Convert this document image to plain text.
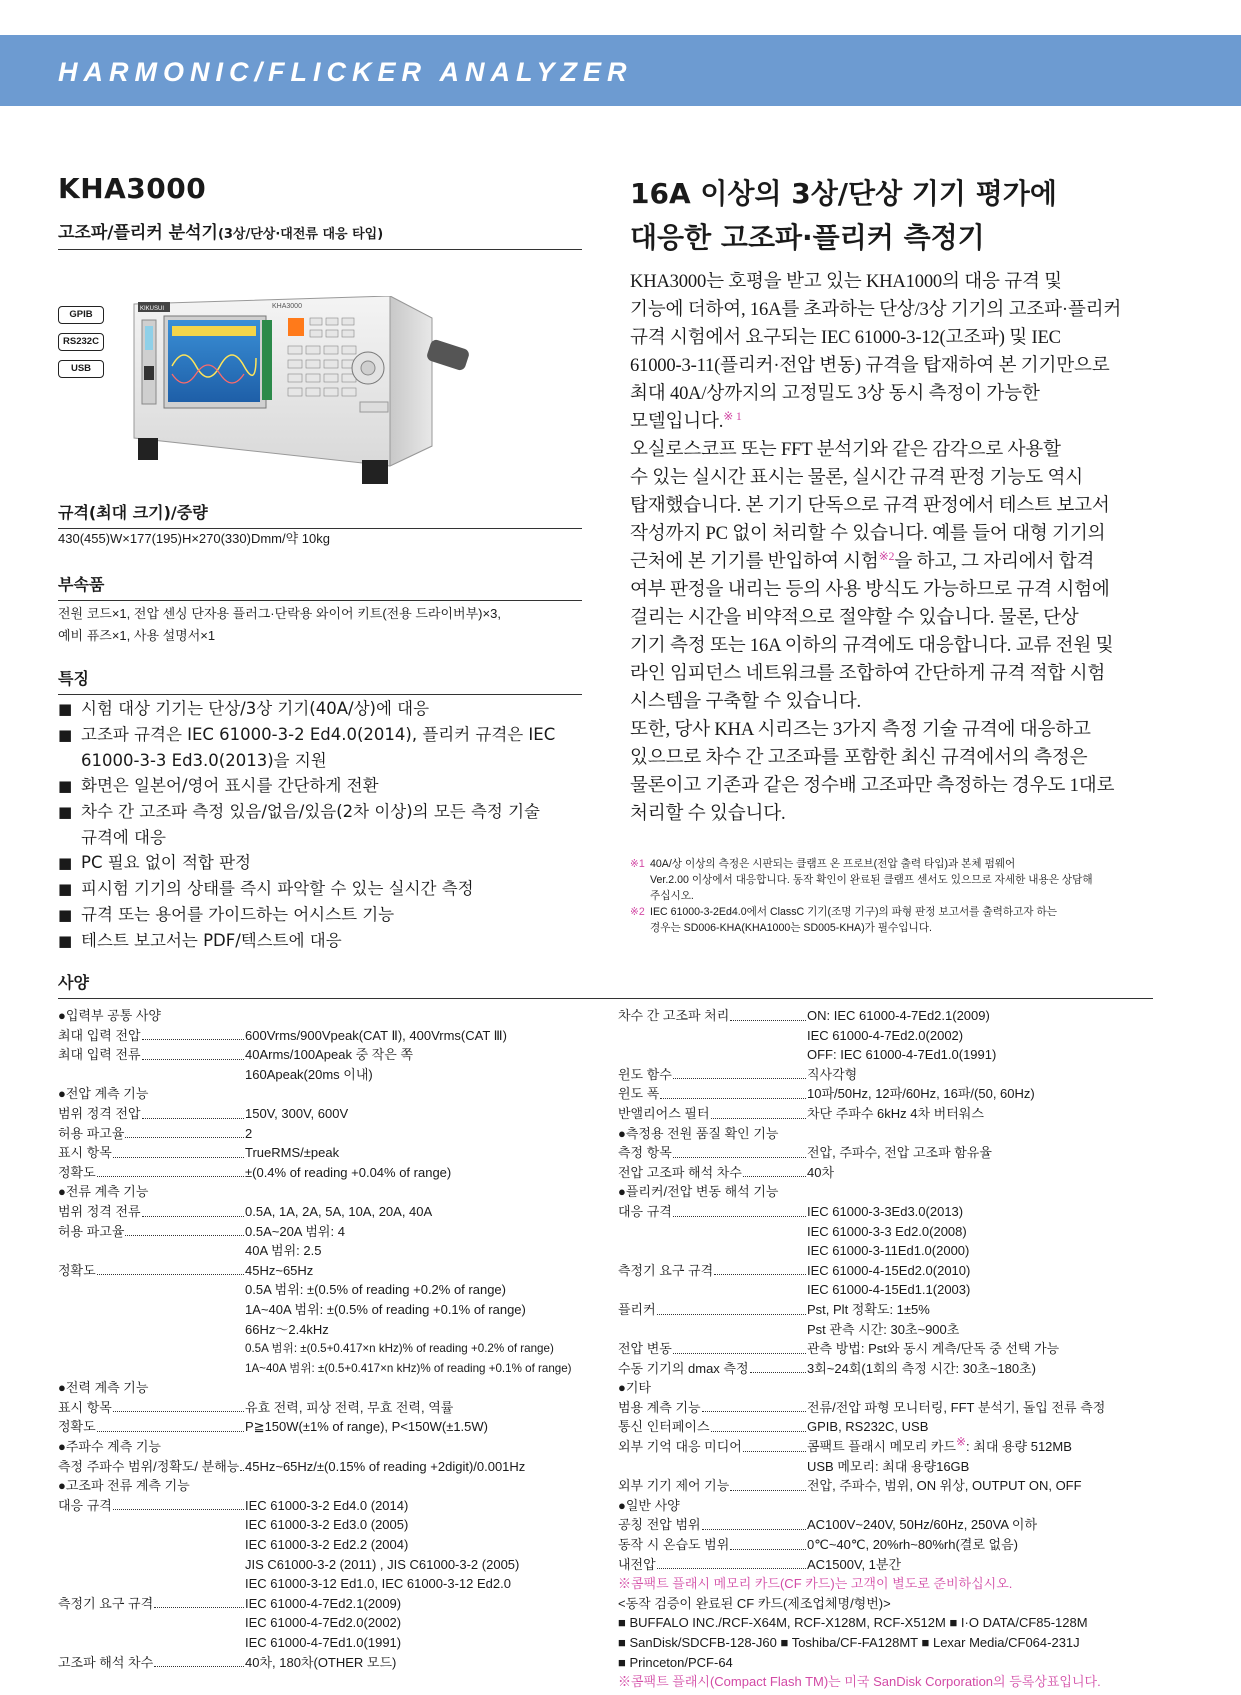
HARMONIC/FLICKER ANALYZER
KHA3000
고조파/플리커 분석기(3상/단상·대전류 대응 타입)
GPIB
RS232C
USB
KIKUSUI	KHA3000
규격(최대 크기)/중량
430(455)W×177(195)H×270(330)Dmm/약 10kg
부속품
전원 코드×1, 전압 센싱 단자용 플러그·단락용 와이어 키트(전용 드라이버부)×3,
예비 퓨즈×1, 사용 설명서×1
특징
■ 시험 대상 기기는 단상/3상 기기(40A/상)에 대응
■ 고조파 규격은 IEC 61000-3-2 Ed4.0(2014), 플리커 규격은 IEC
61000-3-3 Ed3.0(2013)을 지원
■ 화면은 일본어/영어 표시를 간단하게 전환
■ 차수 간 고조파 측정 있음/없음/있음(2차 이상)의 모든 측정 기술
규격에 대응
■ PC 필요 없이 적합 판정
■ 피시험 기기의 상태를 즉시 파악할 수 있는 실시간 측정
■ 규격 또는 용어를 가이드하는 어시스트 기능
■ 테스트 보고서는 PDF/텍스트에 대응
16A 이상의 3상/단상 기기 평가에
대응한 고조파·플리커 측정기

KHA3000는 호평을 받고 있는 KHA1000의 대응 규격 및

기능에 더하여, 16A를 초과하는 단상/3상 기기의 고조파·플리커

규격 시험에서 요구되는 IEC 61000-3-12(고조파) 및 IEC

61000-3-11(플리커·전압 변동) 규격을 탑재하여 본 기기만으로

최대 40A/상까지의 고정밀도 3상 동시 측정이 가능한

모델입니다.$^{※ 1}$

오실로스코프 또는 FFT 분석기와 같은 감각으로 사용할

수 있는 실시간 표시는 물론, 실시간 규격 판정 기능도 역시

탑재했습니다. 본 기기 단독으로 규격 판정에서 테스트 보고서

작성까지 PC 없이 처리할 수 있습니다. 예를 들어 대형 기기의

근처에 본 기기를 반입하여 시험$^{※2}$을 하고, 그 자리에서 합격

여부 판정을 내리는 등의 사용 방식도 가능하므로 규격 시험에

걸리는 시간을 비약적으로 절약할 수 있습니다. 물론, 단상

기기 측정 또는 16A 이하의 규격에도 대응합니다. 교류 전원 및

라인 임피던스 네트워크를 조합하여 간단하게 규격 적합 시험

시스템을 구축할 수 있습니다.

또한, 당사 KHA 시리즈는 3가지 측정 기술 규격에 대응하고

있으므로 차수 간 고조파를 포함한 최신 규격에서의 측정은

물론이고 기존과 같은 정수배 고조파만 측정하는 경우도 1대로

처리할 수 있습니다.

※1 40A/상 이상의 측정은 시판되는 클램프 온 프로브(전압 출력 타입)과 본체 펌웨어
Ver.2.00 이상에서 대응합니다. 동작 확인이 완료된 클램프 센서도 있으므로 자세한 내용은 상담해
주십시오.
※2 IEC 61000-3-2Ed4.0에서 ClassC 기기(조명 기구)의 파형 판정 보고서를 출력하고자 하는
경우는 SD006-KHA(KHA1000는 SD005-KHA)가 필수입니다.
사양
●입력부 공통 사양
최대 입력 전압	600Vrms/900Vpeak(CAT Ⅱ), 400Vrms(CAT Ⅲ)
최대 입력 전류	40Arms/100Apeak 중 작은 쪽
160Apeak(20ms 이내)
●전압 계측 기능
범위 정격 전압	150V, 300V, 600V
허용 파고율	2
표시 항목	TrueRMS/±peak
정확도	±(0.4% of reading +0.04% of range)
●전류 계측 기능
범위 정격 전류	0.5A, 1A, 2A, 5A, 10A, 20A, 40A
허용 파고율	0.5A~20A 범위: 4
40A 범위: 2.5
정확도	45Hz~65Hz
0.5A 범위: ±(0.5% of reading +0.2% of range)
1A~40A 범위: ±(0.5% of reading +0.1% of range)
66Hz～2.4kHz
0.5A 범위: ±(0.5+0.417×n kHz)% of reading +0.2% of range)
1A~40A 범위: ±(0.5+0.417×n kHz)% of reading +0.1% of range)
●전력 계측 기능
표시 항목	유효 전력, 피상 전력, 무효 전력, 역률
정확도	P≧150W(±1% of range), P<150W(±1.5W)
●주파수 계측 기능
측정 주파수 범위/정확도/ 분해능 45Hz~65Hz/±(0.15% of reading +2digit)/0.001Hz
●고조파 전류 계측 기능
대응 규격	IEC 61000-3-2 Ed4.0 (2014)
IEC 61000-3-2 Ed3.0 (2005)
IEC 61000-3-2 Ed2.2 (2004)
JIS C61000-3-2 (2011) , JIS C61000-3-2 (2005)
IEC 61000-3-12 Ed1.0, IEC 61000-3-12 Ed2.0
측정기 요구 규격	IEC 61000-4-7Ed2.1(2009)
IEC 61000-4-7Ed2.0(2002)
IEC 61000-4-7Ed1.0(1991)
고조파 해석 차수	40차, 180차(OTHER 모드)
차수 간 고조파 처리	ON: IEC 61000-4-7Ed2.1(2009)
IEC 61000-4-7Ed2.0(2002)
OFF: IEC 61000-4-7Ed1.0(1991)
윈도 함수	직사각형
윈도 폭	10파/50Hz, 12파/60Hz, 16파/(50, 60Hz)
반앨리어스 필터	차단 주파수 6kHz 4차 버터워스
●측정용 전원 품질 확인 기능
측정 항목	전압, 주파수, 전압 고조파 함유율
전압 고조파 해석 차수	40차
●플리커/전압 변동 해석 기능
대응 규격	IEC 61000-3-3Ed3.0(2013)
IEC 61000-3-3 Ed2.0(2008)
IEC 61000-3-11Ed1.0(2000)
측정기 요구 규격	IEC 61000-4-15Ed2.0(2010)
IEC 61000-4-15Ed1.1(2003)
플리커	Pst, Plt 정확도: 1±5%
Pst 관측 시간: 30초~900초
전압 변동	관측 방법: Pst와 동시 계측/단독 중 선택 가능
수동 기기의 dmax 측정	3회~24회(1회의 측정 시간: 30초~180초)
●기타
범용 계측 기능	전류/전압 파형 모니터링, FFT 분석기, 돌입 전류 측정
통신 인터페이스	GPIB, RS232C, USB
외부 기억 대응 미디어	콤팩트 플래시 메모리 카드※: 최대 용량 512MB
USB 메모리: 최대 용량16GB
외부 기기 제어 기능	전압, 주파수, 범위, ON 위상, OUTPUT ON, OFF
●일반 사양
공칭 전압 범위	AC100V~240V, 50Hz/60Hz, 250VA 이하
동작 시 온습도 범위	0℃~40℃, 20%rh~80%rh(결로 없음)
내전압	AC1500V, 1분간
※콤팩트 플래시 메모리 카드(CF 카드)는 고객이 별도로 준비하십시오.
<동작 검증이 완료된 CF 카드(제조업체명/형번)>
■ BUFFALO INC./RCF-X64M, RCF-X128M, RCF-X512M ■ I·O DATA/CF85-128M
■ SanDisk/SDCFB-128-J60 ■ Toshiba/CF-FA128MT ■ Lexar Media/CF064-231J
■ Princeton/PCF-64
※콤팩트 플래시(Compact Flash TM)는 미국 SanDisk Corporation의 등록상표입니다.
